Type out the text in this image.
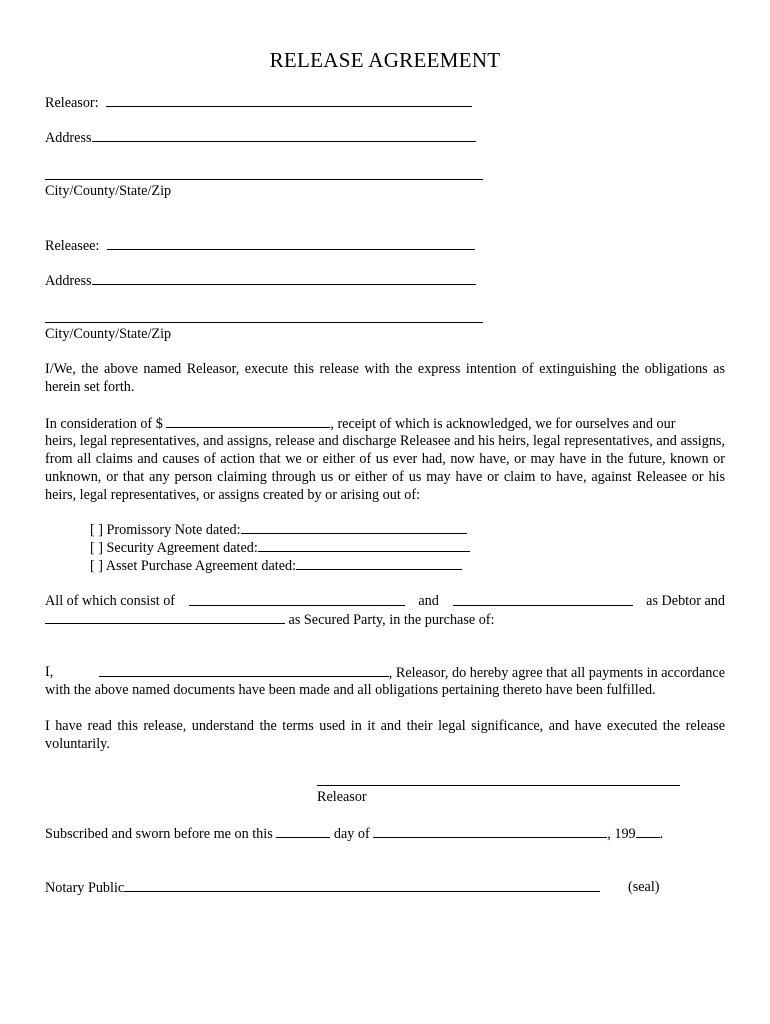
RELEASE AGREEMENT
Releasor:
Address
City/County/State/Zip
Releasee:
Address
City/County/State/Zip
I/We, the above named Releasor, execute this release with the express intention of extinguishing the obligations as herein set forth.
In consideration of $	, receipt of which is acknowledged, we for ourselves and our
heirs, legal representatives, and assigns, release and discharge Releasee and his heirs, legal representatives, and assigns, from all claims and causes of action that we or either of us ever had, now have, or may have in the future, known or unknown, or that any person claiming through us or either of us may have or claim to have, against Releasee or his heirs, legal representatives, or assigns created by or arising out of:
[ ] Promissory Note dated:
[ ] Security Agreement dated:
[ ] Asset Purchase Agreement dated:
All of which consist of	and	as Debtor and
as Secured Party, in the purchase of:
I,	, Releasor, do hereby agree that all payments in accordance
with the above named documents have been made and all obligations pertaining thereto have been fulfilled.
I have read this release, understand the terms used in it and their legal significance, and have executed the release voluntarily.
Releasor
Subscribed and sworn before me on this	day of	, 199 .
Notary Public	(seal)
